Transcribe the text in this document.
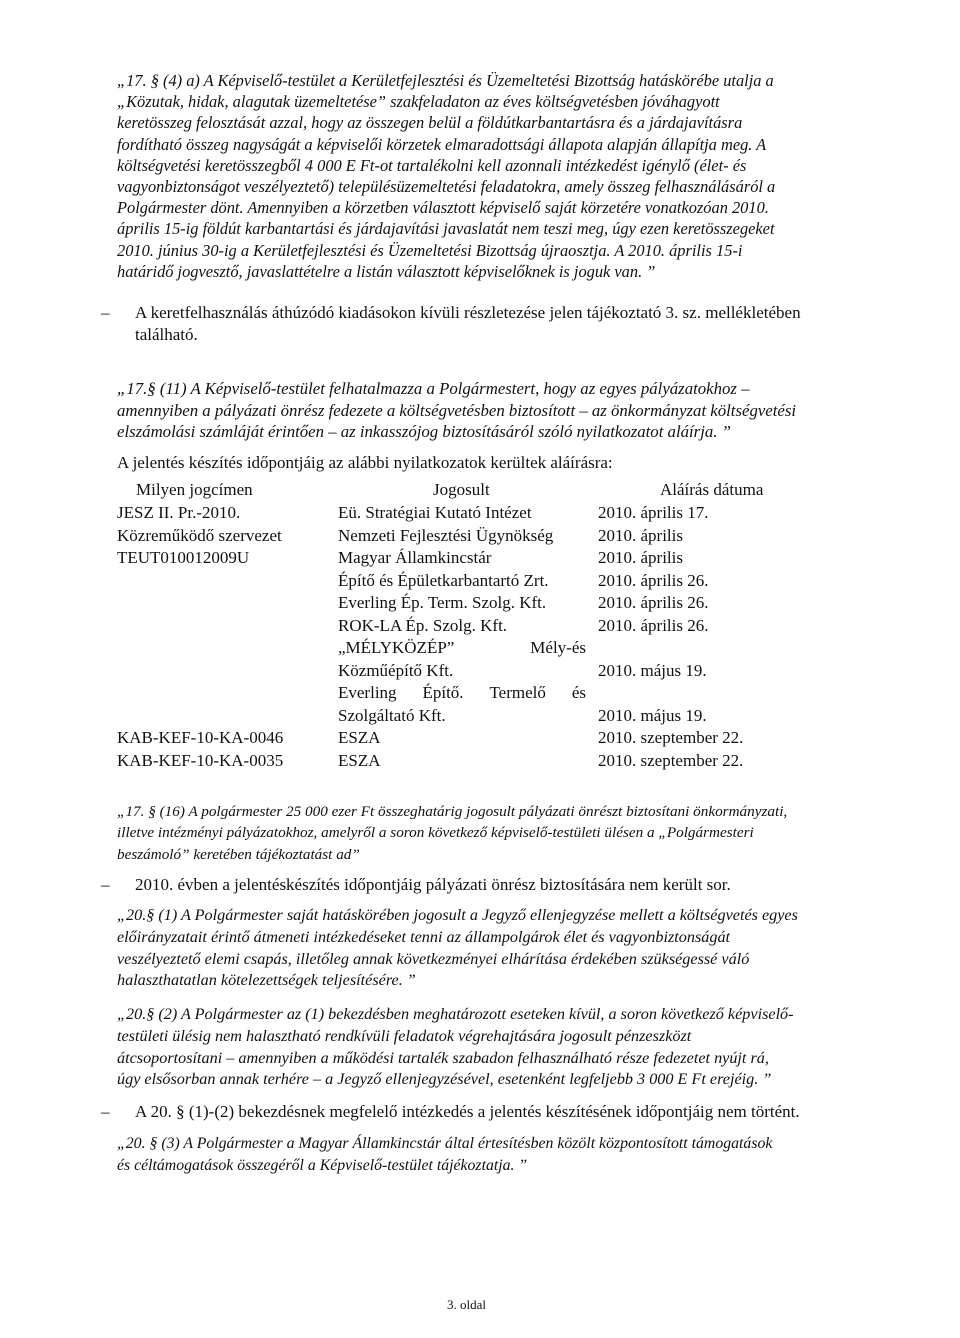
„17. § (4) a) A Képviselő-testület a Kerületfejlesztési és Üzemeltetési Bizottság hatáskörébe utalja a
„Közutak, hidak, alagutak üzemeltetése” szakfeladaton az éves költségvetésben jóváhagyott
keretösszeg felosztását azzal, hogy az összegen belül a földútkarbantartásra és a járdajavításra
fordítható összeg nagyságát a képviselői körzetek elmaradottsági állapota alapján állapítja meg. A
költségvetési keretösszegből 4 000 E Ft-ot tartalékolni kell azonnali intézkedést igénylő (élet- és
vagyonbiztonságot veszélyeztető) településüzemeltetési feladatokra, amely összeg felhasználásáról a
Polgármester dönt. Amennyiben a körzetben választott képviselő saját körzetére vonatkozóan 2010.
április 15-ig földút karbantartási és járdajavítási javaslatát nem teszi meg, úgy ezen keretösszegeket
2010. június 30-ig a Kerületfejlesztési és Üzemeltetési Bizottság újraosztja. A 2010. április 15-i
határidő jogvesztő, javaslattételre a listán választott képviselőknek is joguk van. ”

– A keretfelhasználás áthúzódó kiadásokon kívüli részletezése jelen tájékoztató 3. sz. mellékletében
található.

„17.§ (11) A Képviselő-testület felhatalmazza a Polgármestert, hogy az egyes pályázatokhoz –
amennyiben a pályázati önrész fedezete a költségvetésben biztosított – az önkormányzat költségvetési
elszámolási számláját érintően – az inkasszójog biztosításáról szóló nyilatkozatot aláírja. ”

A jelentés készítés időpontjáig az alábbi nyilatkozatok kerültek aláírásra:

Milyen jogcímen	Jogosult	Aláírás dátuma
JESZ II. Pr.-2010.	Eü. Stratégiai Kutató Intézet	2010. április 17.
Közreműködő szervezet	Nemzeti Fejlesztési Ügynökség	2010. április
TEUT010012009U	Magyar Államkincstár	2010. április
	Építő és Épületkarbantartó Zrt.	2010. április 26.
	Everling Ép. Term. Szolg. Kft.	2010. április 26.
	ROK-LA Ép. Szolg. Kft.	2010. április 26.

	„MÉLYKÖZÉP” Mély-és	

	Közműépítő Kft.	2010. május 19.

	Everling Építő. Termelő és	

	Szolgáltató Kft.	2010. május 19.
KAB-KEF-10-KA-0046	ESZA	2010. szeptember 22.
KAB-KEF-10-KA-0035	ESZA	2010. szeptember 22.

„17. § (16) A polgármester 25 000 ezer Ft összeghatárig jogosult pályázati önrészt biztosítani önkormányzati,
illetve intézményi pályázatokhoz, amelyről a soron következő képviselő-testületi ülésen a „Polgármesteri
beszámoló” keretében tájékoztatást ad”

– 2010. évben a jelentéskészítés időpontjáig pályázati önrész biztosítására nem került sor.

„20.§ (1) A Polgármester saját hatáskörében jogosult a Jegyző ellenjegyzése mellett a költségvetés egyes
előirányzatait érintő átmeneti intézkedéseket tenni az állampolgárok élet és vagyonbiztonságát
veszélyeztető elemi csapás, illetőleg annak következményei elhárítása érdekében szükségessé váló
halaszthatatlan kötelezettségek teljesítésére. ”

„20.§ (2) A Polgármester az (1) bekezdésben meghatározott eseteken kívül, a soron következő képviselő-
testületi ülésig nem halasztható rendkívüli feladatok végrehajtására jogosult pénzeszközt
átcsoportosítani – amennyiben a működési tartalék szabadon felhasználható része fedezetet nyújt rá,
úgy elsősorban annak terhére – a Jegyző ellenjegyzésével, esetenként legfeljebb 3 000 E Ft erejéig. ”

– A 20. § (1)-(2) bekezdésnek megfelelő intézkedés a jelentés készítésének időpontjáig nem történt.

„20. § (3) A Polgármester a Magyar Államkincstár által értesítésben közölt központosított támogatások
és céltámogatások összegéről a Képviselő-testület tájékoztatja. ”

3. oldal
